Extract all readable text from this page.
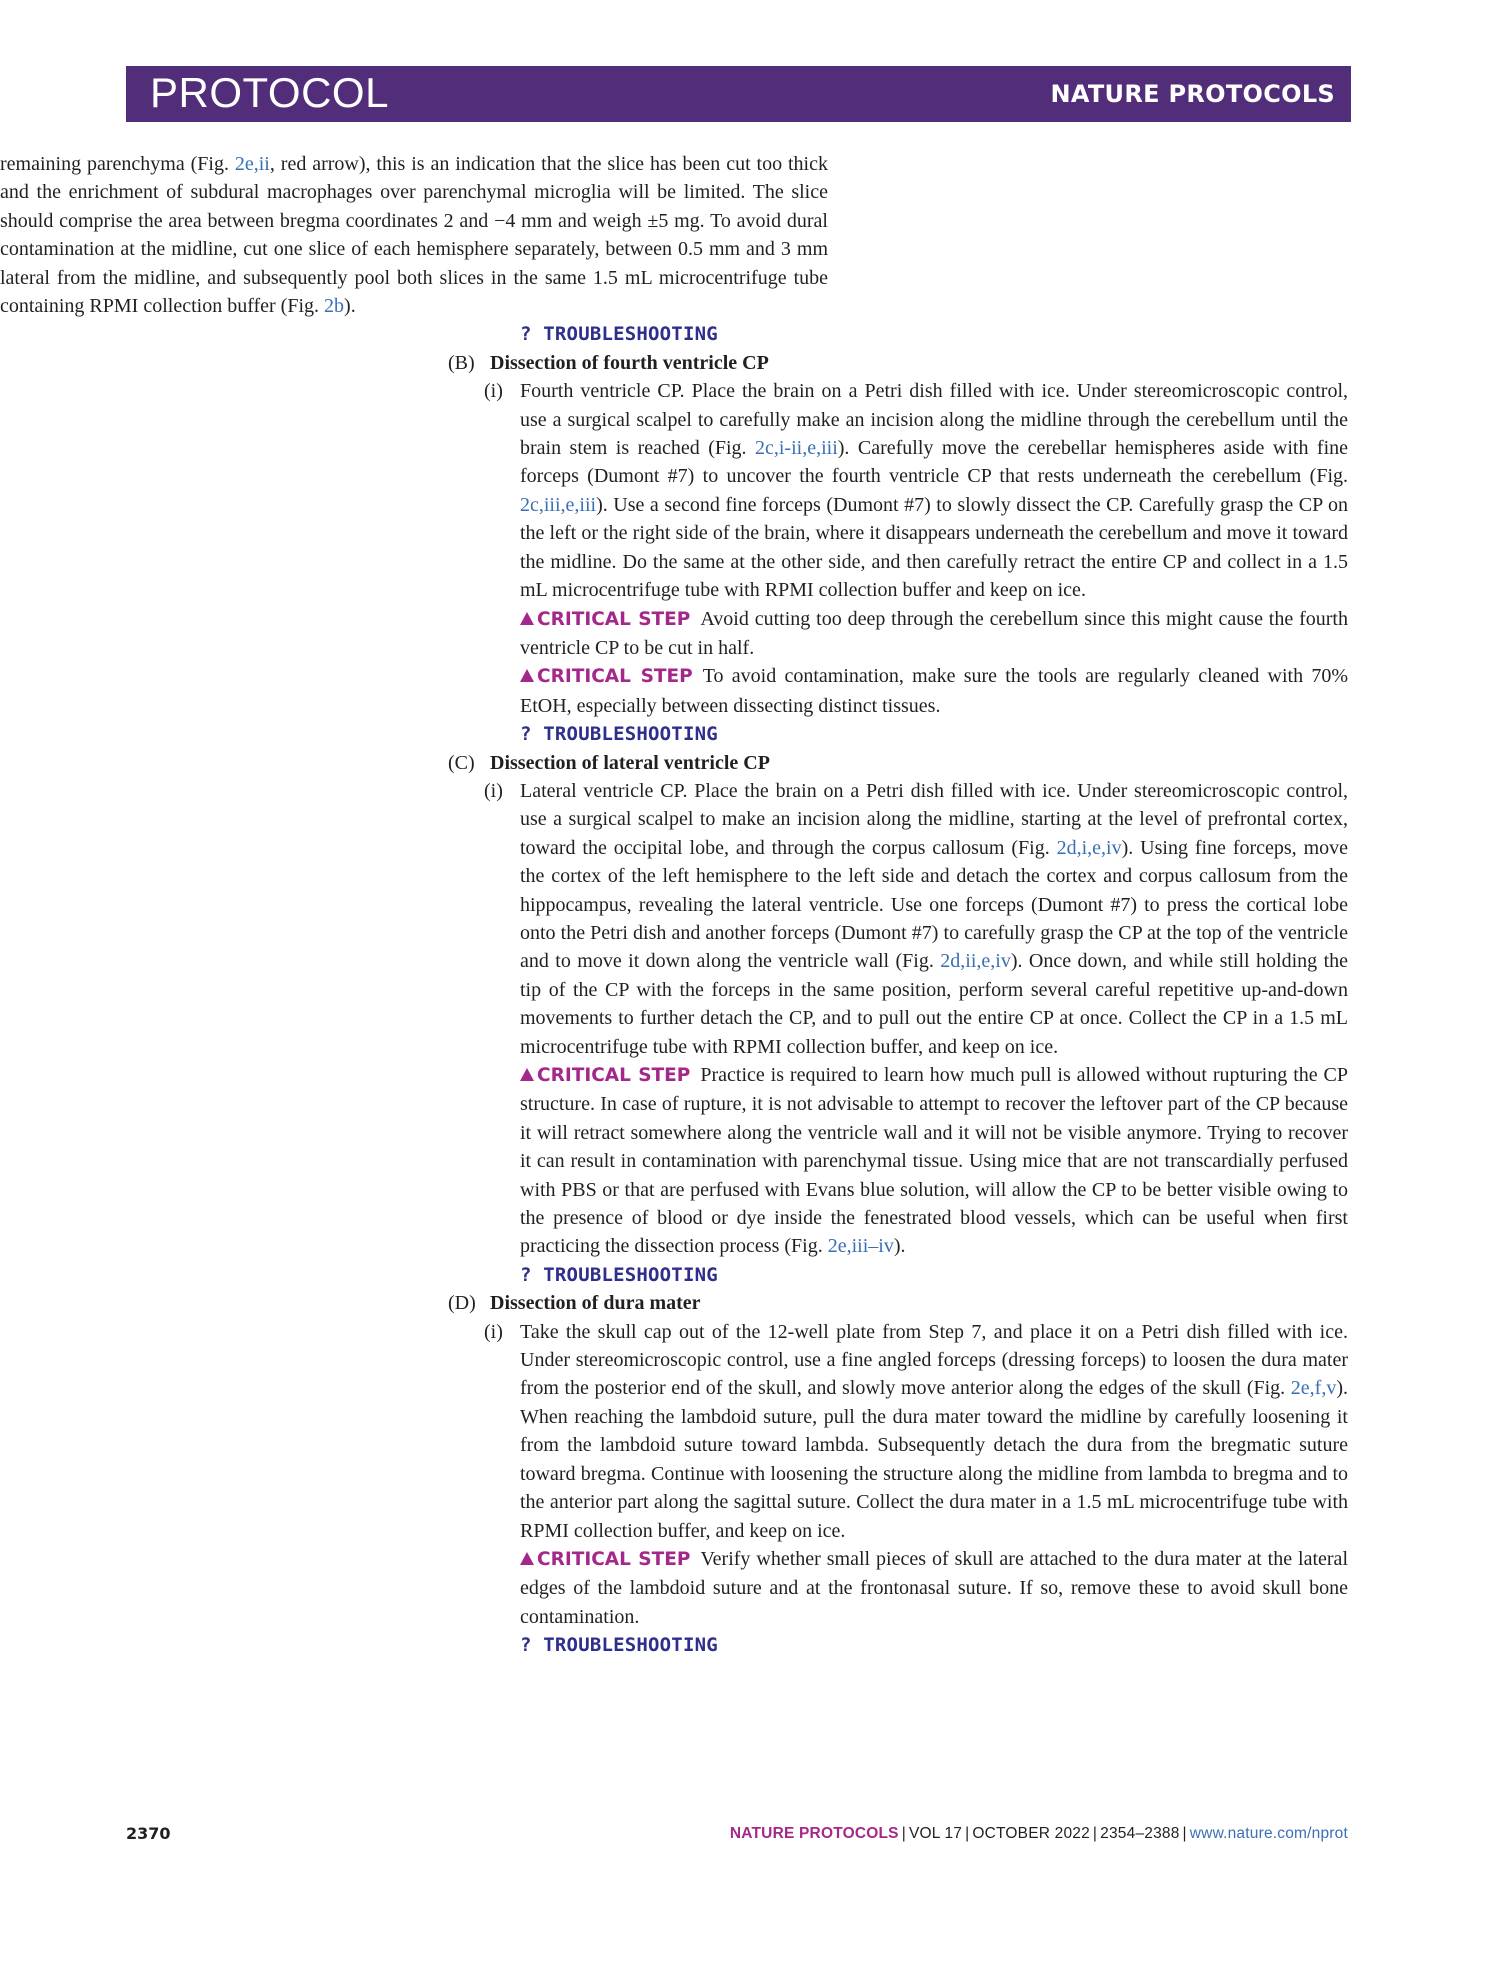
PROTOCOL	NATURE PROTOCOLS

remaining parenchyma (Fig. 2e,ii, red arrow), this is an indication that the slice has been cut too thick and the enrichment of subdural macrophages over parenchymal microglia will be limited. The slice should comprise the area between bregma coordinates 2 and −4 mm and weigh ±5 mg. To avoid dural contamination at the midline, cut one slice of each hemisphere separately, between 0.5 mm and 3 mm lateral from the midline, and subsequently pool both slices in the same 1.5 mL microcentrifuge tube containing RPMI collection buffer (Fig. 2b).

? TROUBLESHOOTING
(B) Dissection of fourth ventricle CP
(i) Fourth ventricle CP. Place the brain on a Petri dish filled with ice. Under stereomicroscopic control, use a surgical scalpel to carefully make an incision along the midline through the cerebellum until the brain stem is reached (Fig. 2c,i-ii,e,iii). Carefully move the cerebellar hemispheres aside with fine forceps (Dumont #7) to uncover the fourth ventricle CP that rests underneath the cerebellum (Fig. 2c,iii,e,iii). Use a second fine forceps (Dumont #7) to slowly dissect the CP. Carefully grasp the CP on the left or the right side of the brain, where it disappears underneath the cerebellum and move it toward the midline. Do the same at the other side, and then carefully retract the entire CP and collect in a 1.5 mL microcentrifuge tube with RPMI collection buffer and keep on ice.

CRITICAL STEP Avoid cutting too deep through the cerebellum since this might cause the fourth ventricle CP to be cut in half.

CRITICAL STEP To avoid contamination, make sure the tools are regularly cleaned with 70% EtOH, especially between dissecting distinct tissues.

? TROUBLESHOOTING
(C) Dissection of lateral ventricle CP
(i) Lateral ventricle CP. Place the brain on a Petri dish filled with ice. Under stereomicroscopic control, use a surgical scalpel to make an incision along the midline, starting at the level of prefrontal cortex, toward the occipital lobe, and through the corpus callosum (Fig. 2d,i,e,iv). Using fine forceps, move the cortex of the left hemisphere to the left side and detach the cortex and corpus callosum from the hippocampus, revealing the lateral ventricle. Use one forceps (Dumont #7) to press the cortical lobe onto the Petri dish and another forceps (Dumont #7) to carefully grasp the CP at the top of the ventricle and to move it down along the ventricle wall (Fig. 2d,ii,e,iv). Once down, and while still holding the tip of the CP with the forceps in the same position, perform several careful repetitive up-and-down movements to further detach the CP, and to pull out the entire CP at once. Collect the CP in a 1.5 mL microcentrifuge tube with RPMI collection buffer, and keep on ice.

CRITICAL STEP Practice is required to learn how much pull is allowed without rupturing the CP structure. In case of rupture, it is not advisable to attempt to recover the leftover part of the CP because it will retract somewhere along the ventricle wall and it will not be visible anymore. Trying to recover it can result in contamination with parenchymal tissue. Using mice that are not transcardially perfused with PBS or that are perfused with Evans blue solution, will allow the CP to be better visible owing to the presence of blood or dye inside the fenestrated blood vessels, which can be useful when first practicing the dissection process (Fig. 2e,iii–iv).

? TROUBLESHOOTING
(D) Dissection of dura mater
(i) Take the skull cap out of the 12-well plate from Step 7, and place it on a Petri dish filled with ice. Under stereomicroscopic control, use a fine angled forceps (dressing forceps) to loosen the dura mater from the posterior end of the skull, and slowly move anterior along the edges of the skull (Fig. 2e,f,v). When reaching the lambdoid suture, pull the dura mater toward the midline by carefully loosening it from the lambdoid suture toward lambda. Subsequently detach the dura from the bregmatic suture toward bregma. Continue with loosening the structure along the midline from lambda to bregma and to the anterior part along the sagittal suture. Collect the dura mater in a 1.5 mL microcentrifuge tube with RPMI collection buffer, and keep on ice.

CRITICAL STEP Verify whether small pieces of skull are attached to the dura mater at the lateral edges of the lambdoid suture and at the frontonasal suture. If so, remove these to avoid skull bone contamination.

? TROUBLESHOOTING
2370	NATURE PROTOCOLS | VOL 17 | OCTOBER 2022 | 2354–2388 | www.nature.com/nprot
